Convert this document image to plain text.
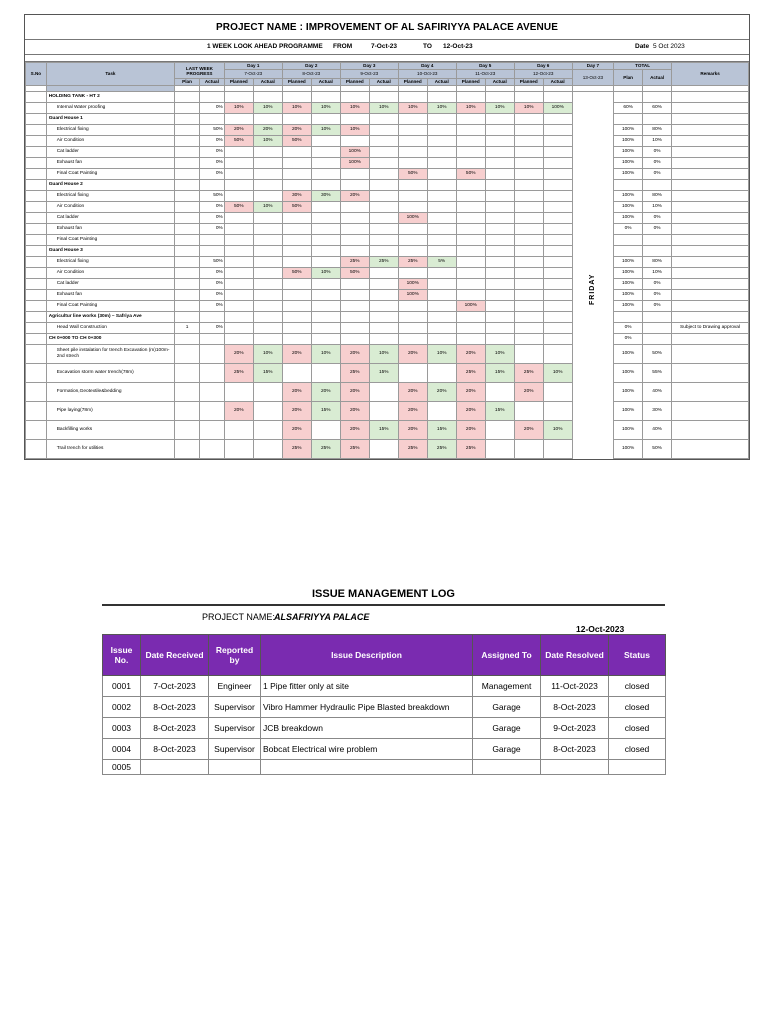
PROJECT NAME : IMPROVEMENT OF AL SAFIRIYYA PALACE AVENUE
1 WEEK LOOK AHEAD PROGRAMME FROM	7-Oct-23	TO 12-Oct-23	Date 5 Oct 2023
S.No	Task	LAST WEEK PROGRESS		Day 1		Day 2		Day 3		Day 4		Day 5		Day 6		Day 7	TOTAL		Remarks
				7-Oct-23		8-Oct-23		9-Oct-23		10-Oct-23		11-Oct-23		12-Oct-23		13-Oct-23	Plan	Actual	
		Plan	Actual	Planned	Actual	Planned	Actual	Planned	Actual	Planned	Actual	Planned	Actual	Planned	Actual				

	HOLDING TANK - HT 2																		
	Internal Water proofing		0%	10%	10%	10%	10%	10%	10%	10%	10%	10%	10%	10%	100%		60%	60%	
	Guard House 1																		
	Electrical fixing		50%	20%	20%	20%	10%	10%									100%	80%	
	Air Condition		0%	50%	10%	50%											100%	10%	
	Cat ladder		0%					100%									100%	0%	
	Exhaust fan		0%					100%									100%	0%	
	Final Coat Painting		0%							50%		50%					100%	0%	
	Guard House 2																		
	Electrical fixing		50%			30%	30%	20%									100%	80%	
	Air Condition		0%	50%	10%	50%											100%	10%	
	Cat ladder		0%							100%							100%	0%	
	Exhaust fan		0%														0%	0%	
	Final Coat Painting																		
	Guard House 3																		
	Electrical fixing		50%					25%	25%	25%	5%						100%	80%	
	Air Condition		0%			50%	10%	50%									100%	10%	
	Cat ladder		0%							100%							100%	0%	
	Exhaust fan		0%							100%							100%	0%	
	Final Coat Painting		0%									100%					100%	0%	
	Agricultur line works (30m) – Safriya Ave																		
	Head Wall Construction	1	0%														0%		Subject to Drawing approval
	CH 0+000 TO CH 0+300																0%		
	Sheet pile instalation for trench Excavation (m)100m-2nd strech			20%	10%	20%	10%	20%	10%	20%	10%	20%	10%				100%	50%	
	Excavation storm water trench(78m)			25%	15%			25%	15%			25%	15%	25%	10%		100%	55%	
	Formation,Geotextile&bedding					20%	20%	20%		20%	20%	20%		20%			100%	40%	
	Pipe laying(78m)			20%		20%	15%	20%		20%		20%	15%				100%	30%	
	Backfilling works					20%		20%	15%	20%	15%	20%		20%	10%		100%	40%	
	Trail trench for utilities					25%	25%	25%		25%	25%	25%					100%	50%	
FRIDAY
ISSUE MANAGEMENT LOG
PROJECT NAME: ALSAFRIYYA PALACE
12-Oct-2023
Issue No.	Date Received	Reported by	Issue Description	Assigned To	Date Resolved	Status
0001	7-Oct-2023	Engineer	1 Pipe fitter only at site	Management	11-Oct-2023	closed
0002	8-Oct-2023	Supervisor	Vibro Hammer Hydraulic Pipe Blasted breakdown	Garage	8-Oct-2023	closed
0003	8-Oct-2023	Supervisor	JCB breakdown	Garage	9-Oct-2023	closed
0004	8-Oct-2023	Supervisor	Bobcat Electrical wire problem	Garage	8-Oct-2023	closed
0005						
